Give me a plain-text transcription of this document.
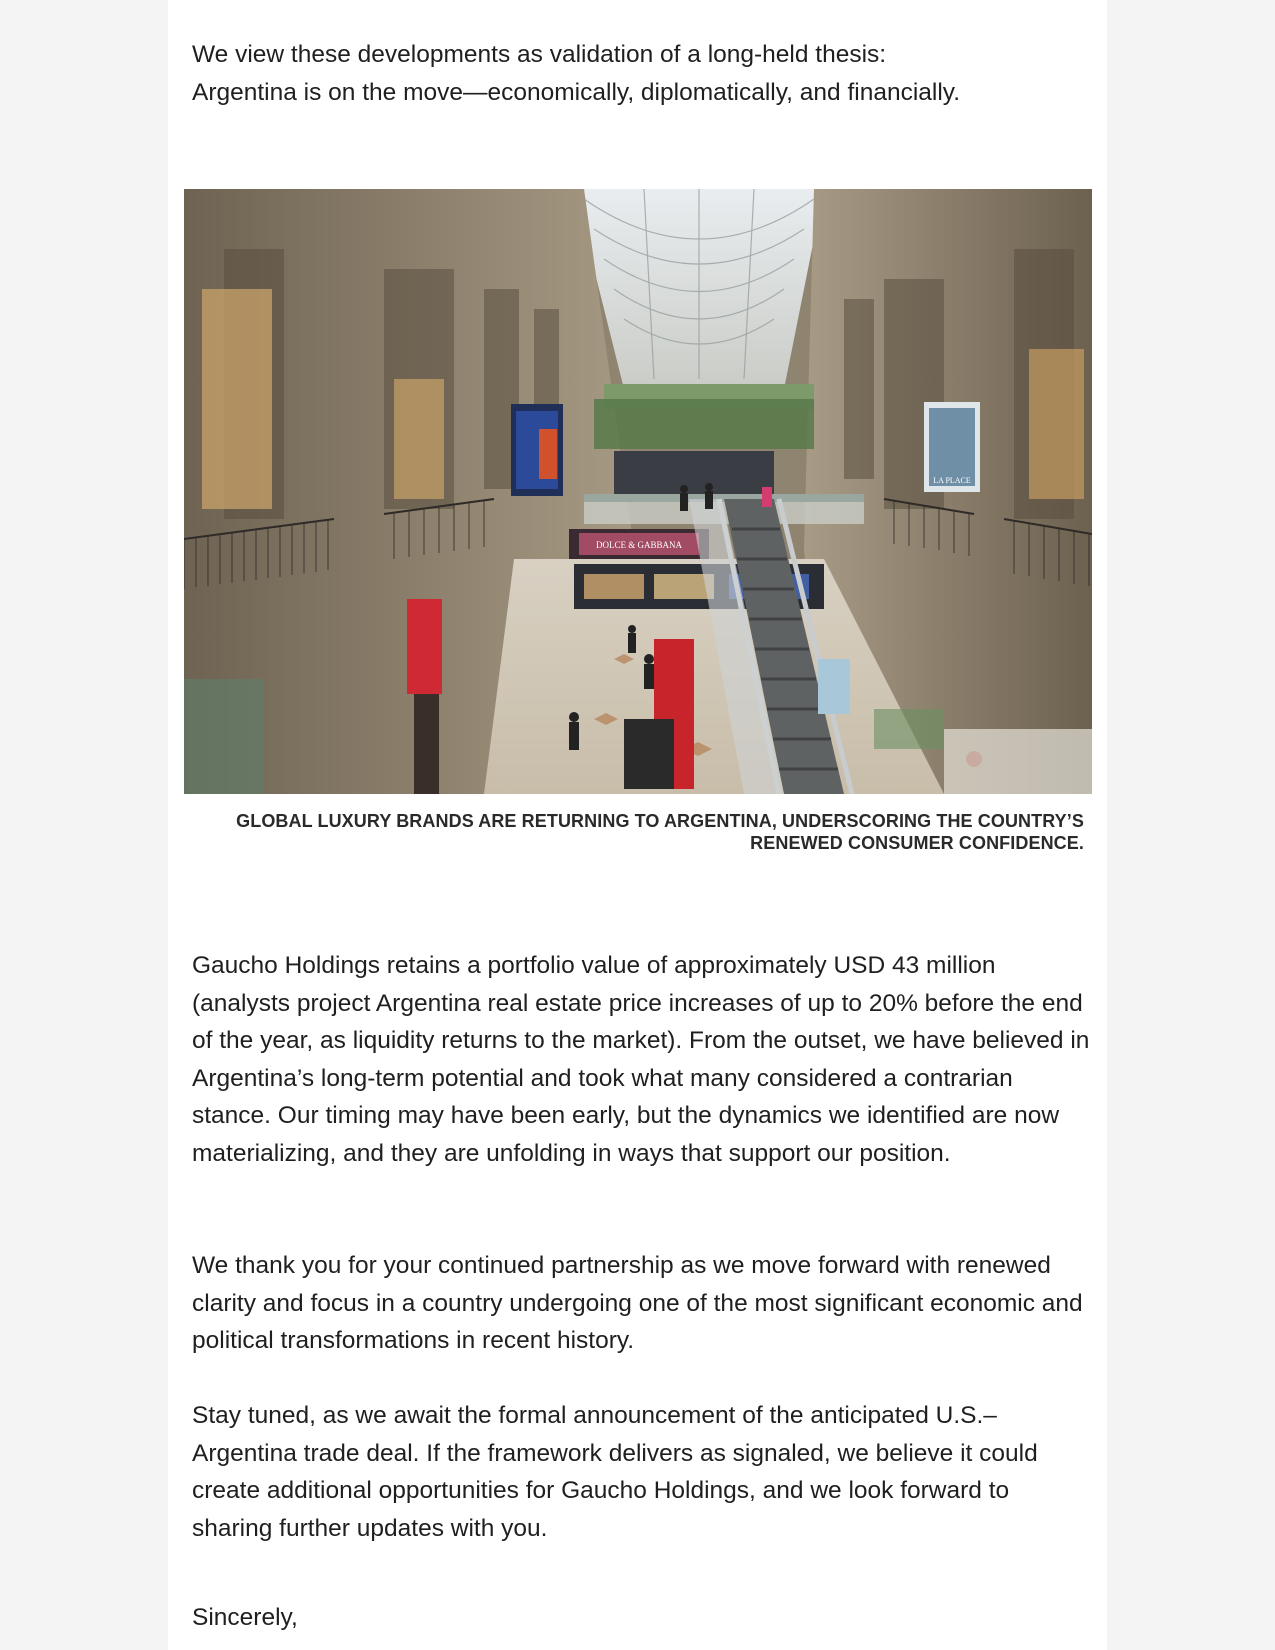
We view these developments as validation of a long-held thesis: Argentina is on the move—economically, diplomatically, and financially.

DOLCE & GABBANA
LA PLACE

GLOBAL LUXURY BRANDS ARE RETURNING TO ARGENTINA, UNDERSCORING THE COUNTRY’S RENEWED CONSUMER CONFIDENCE.

Gaucho Holdings retains a portfolio value of approximately USD 43 million (analysts project Argentina real estate price increases of up to 20% before the end of the year, as liquidity returns to the market). From the outset, we have believed in Argentina’s long-term potential and took what many considered a contrarian stance. Our timing may have been early, but the dynamics we identified are now materializing, and they are unfolding in ways that support our position.

We thank you for your continued partnership as we move forward with renewed clarity and focus in a country undergoing one of the most significant economic and political transformations in recent history.

Stay tuned, as we await the formal announcement of the anticipated U.S.–Argentina trade deal. If the framework delivers as signaled, we believe it could create additional opportunities for Gaucho Holdings, and we look forward to sharing further updates with you.

Sincerely,
